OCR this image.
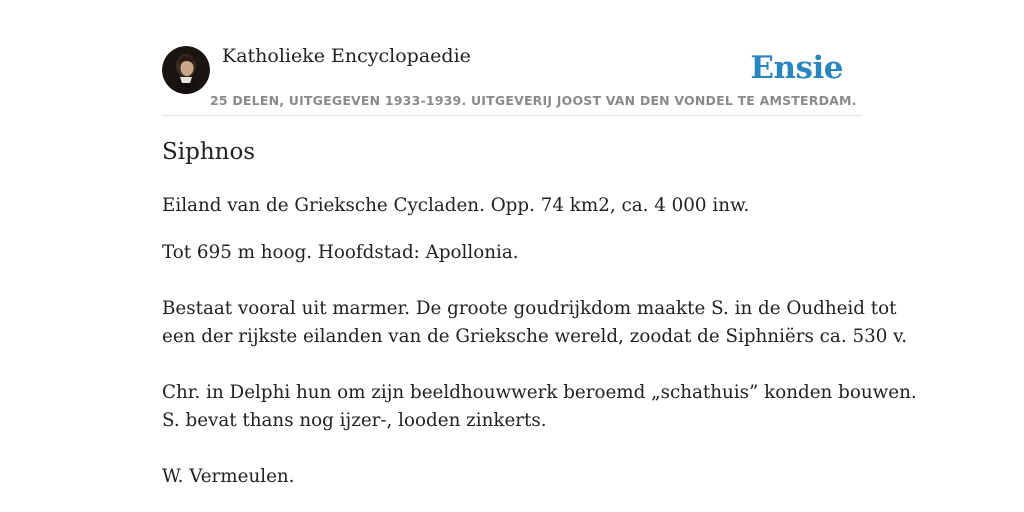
Katholieke Encyclopaedie
25 DELEN, UITGEGEVEN 1933-1939. UITGEVERIJ JOOST VAN DEN VONDEL TE AMSTERDAM.
Ensie
Siphnos

Eiland van de Grieksche Cycladen. Opp. 74 km2, ca. 4 000 inw.

Tot 695 m hoog. Hoofdstad: Apollonia.

Bestaat vooral uit marmer. De groote goudrijkdom maakte S. in de Oudheid tot

een der rijkste eilanden van de Grieksche wereld, zoodat de Siphniërs ca. 530 v.

Chr. in Delphi hun om zijn beeldhouwwerk beroemd „schathuis” konden bouwen.

S. bevat thans nog ijzer-, looden zinkerts.

W. Vermeulen.
